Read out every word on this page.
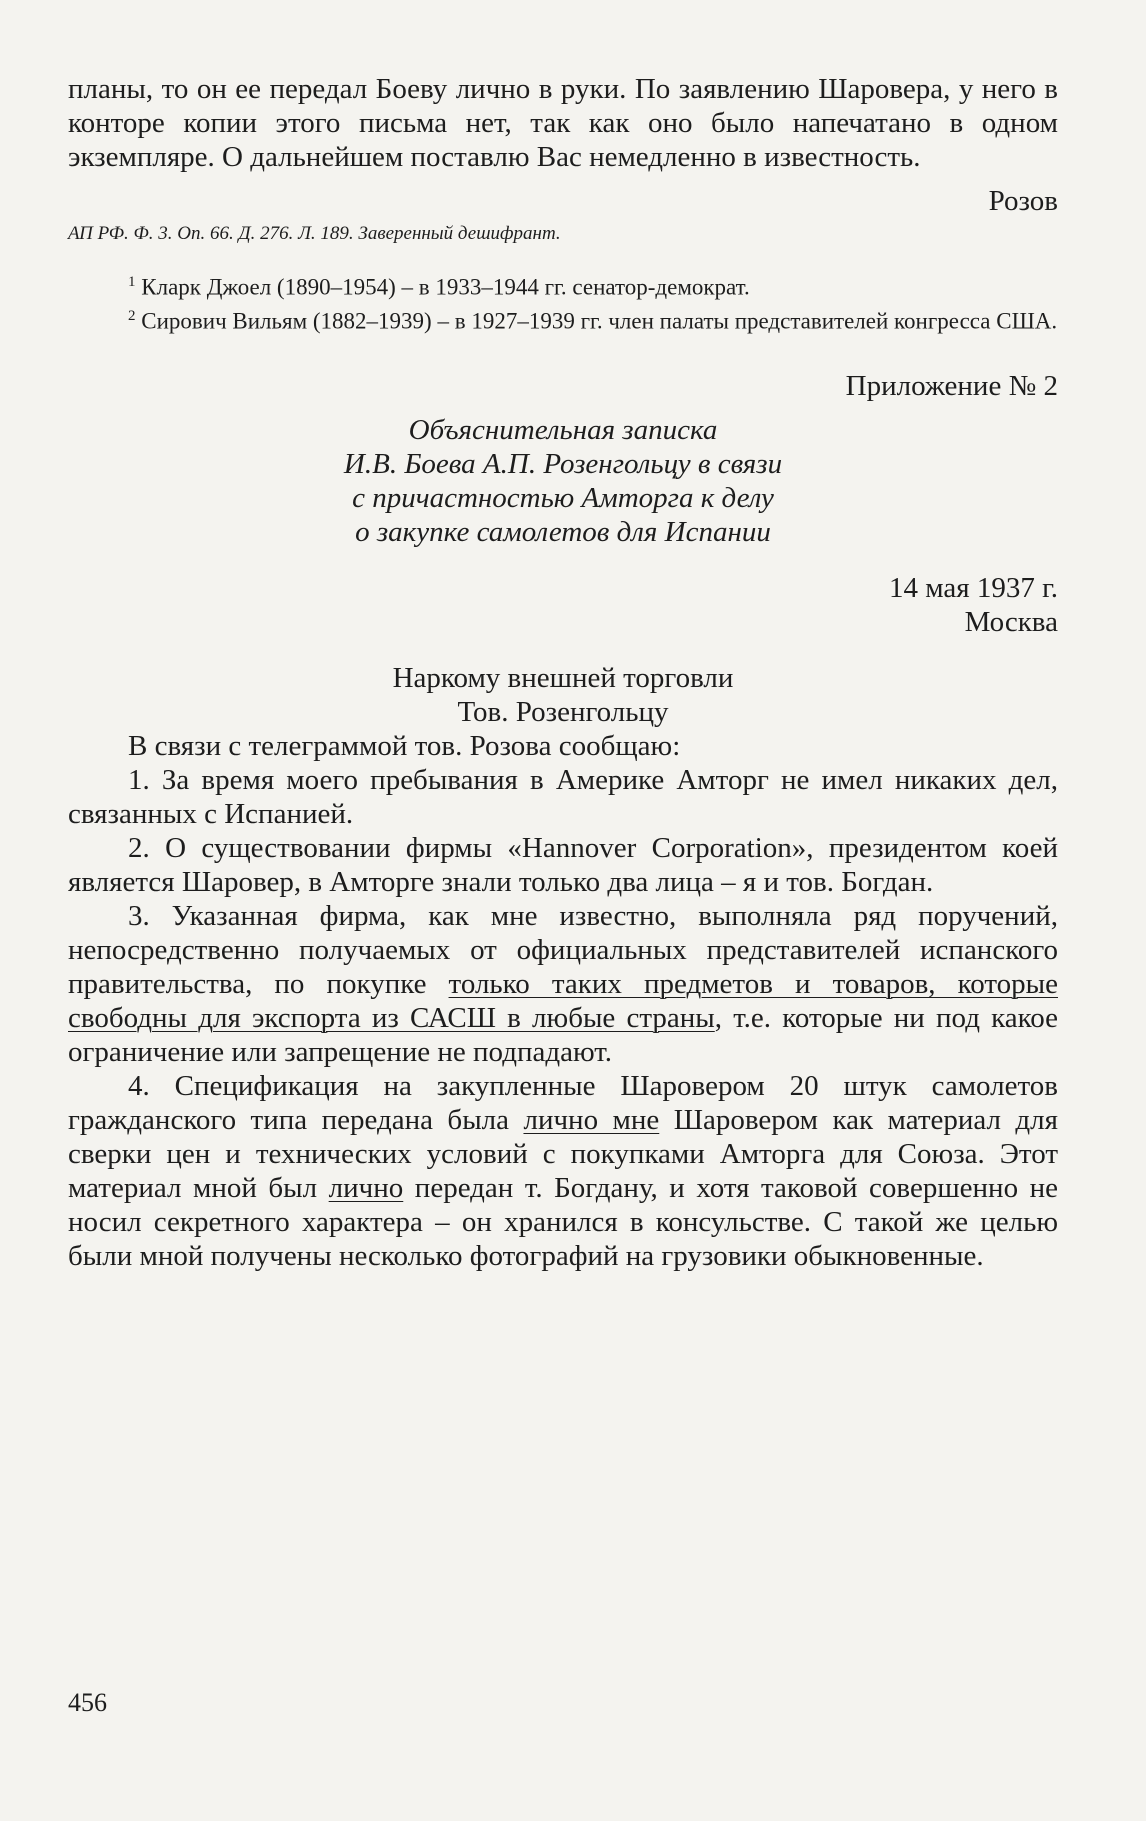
планы, то он ее передал Боеву лично в руки. По заявлению Шаровера, у него в конторе копии этого письма нет, так как оно было напечатано в одном экземпляре. О дальнейшем поставлю Вас немедленно в известность.

Розов

АП РФ. Ф. 3. Оп. 66. Д. 276. Л. 189. Заверенный дешифрант.

$^1$ Кларк Джоел (1890–1954) – в 1933–1944 гг. сенатор-демократ.

$^2$ Сирович Вильям (1882–1939) – в 1927–1939 гг. член палаты представителей конгресса США.

Приложение № 2

Объяснительная записка

И.В. Боева А.П. Розенгольцу в связи

с причастностью Амторга к делу

о закупке самолетов для Испании

14 мая 1937 г.

Москва

Наркому внешней торговли

Тов. Розенгольцу

В связи с телеграммой тов. Розова сообщаю:

1. За время моего пребывания в Америке Амторг не имел никаких дел, связанных с Испанией.

2. О существовании фирмы «Hannover Corporation», президентом коей является Шаровер, в Амторге знали только два лица – я и тов. Богдан.

3. Указанная фирма, как мне известно, выполняла ряд поручений, непосредственно получаемых от официальных представителей испанского правительства, по покупке только таких предметов и товаров, которые свободны для экспорта из САСШ в любые страны, т.е. которые ни под какое ограничение или запрещение не подпадают.

4. Спецификация на закупленные Шаровером 20 штук самолетов гражданского типа передана была лично мне Шаровером как материал для сверки цен и технических условий с покупками Амторга для Союза. Этот материал мной был лично передан т. Богдану, и хотя таковой совершенно не носил секретного характера – он хранился в консульстве. С такой же целью были мной получены несколько фотографий на грузовики обыкновенные.

456
